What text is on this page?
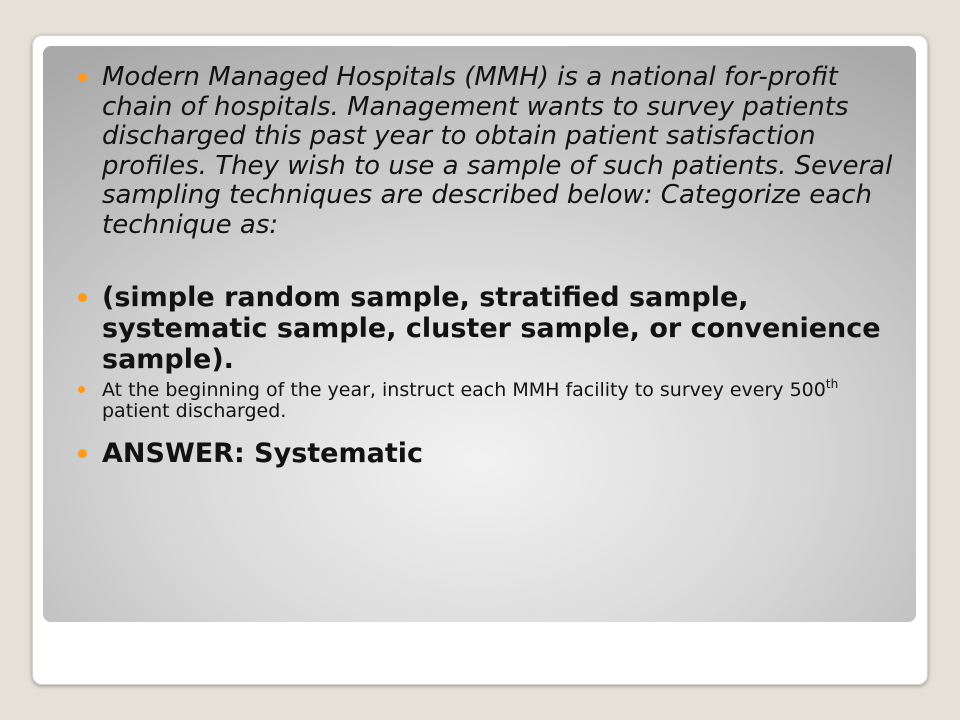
Modern Managed Hospitals (MMH) is a national for-profit chain of hospitals. Management wants to survey patients discharged this past year to obtain patient satisfaction profiles. They wish to use a sample of such patients. Several sampling techniques are described below: Categorize each technique as:
(simple random sample, stratified sample, systematic sample, cluster sample, or convenience sample).
At the beginning of the year, instruct each MMH facility to survey every 500th patient discharged.
ANSWER: Systematic
